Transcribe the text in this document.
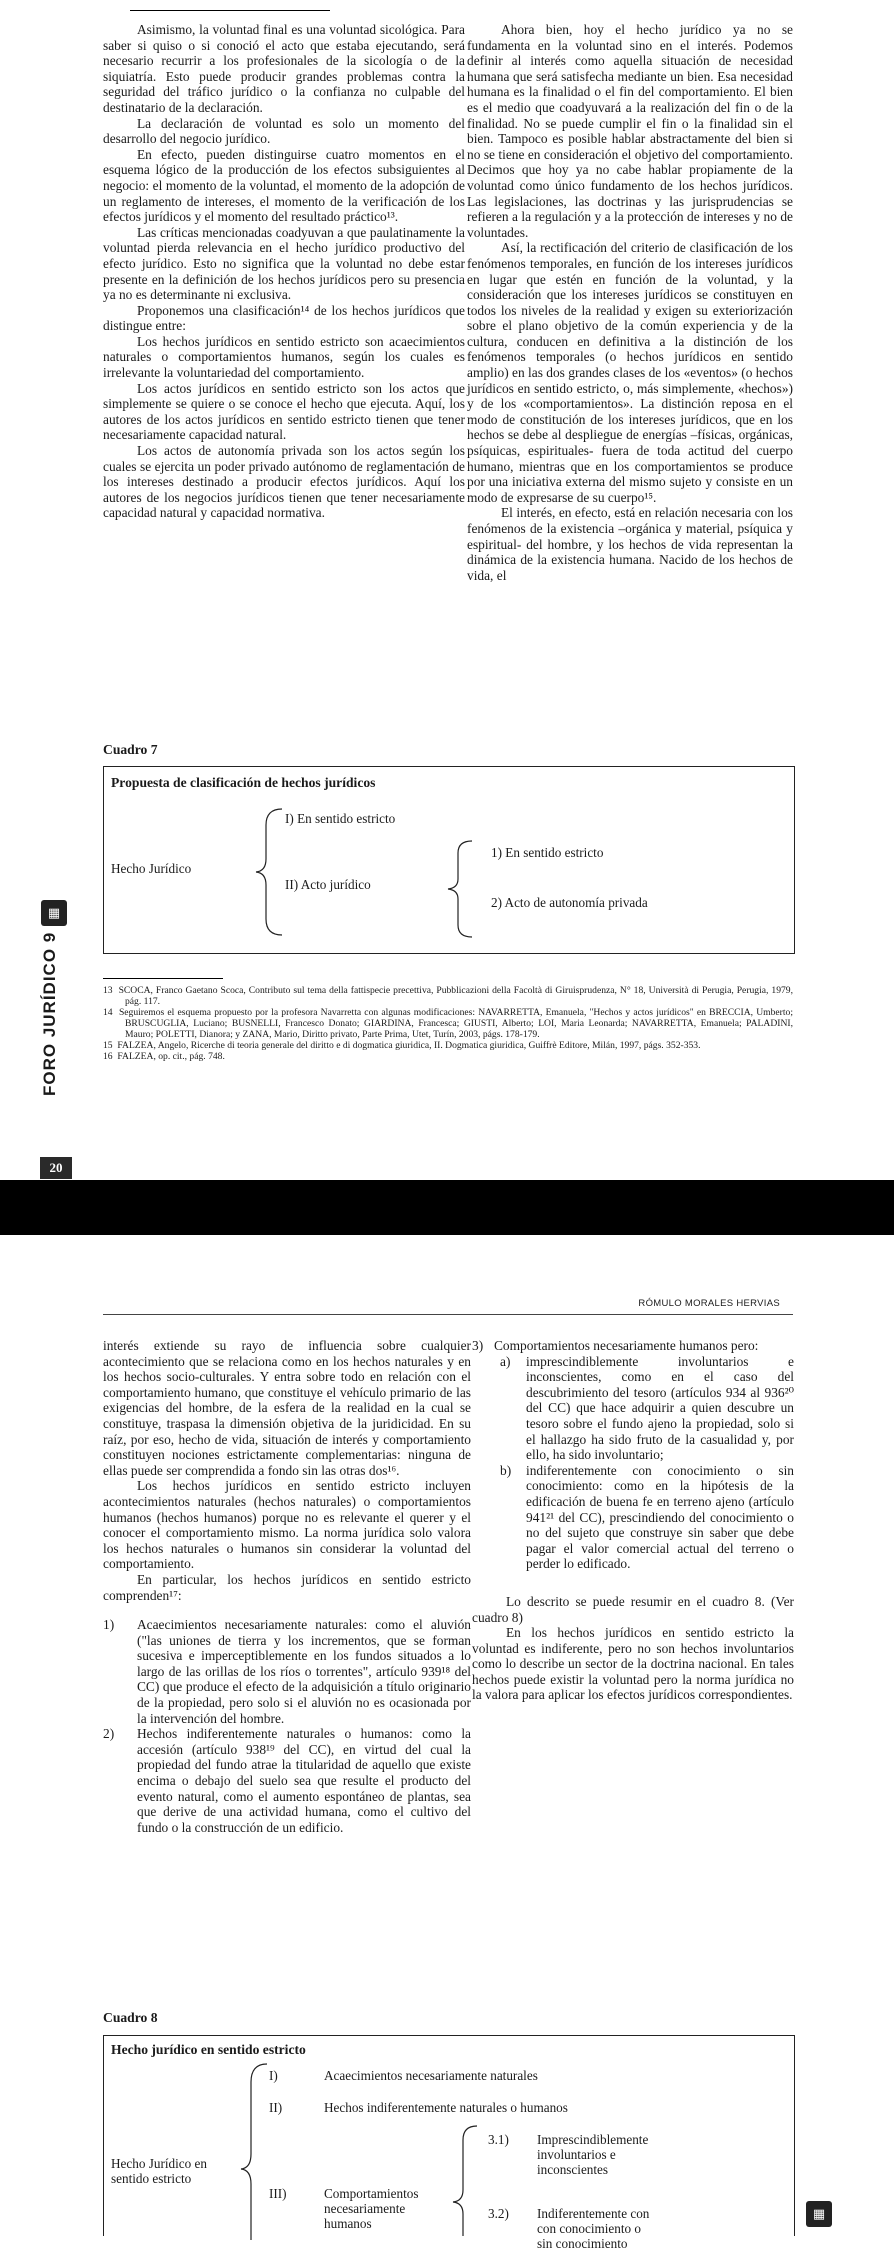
Asimismo, la voluntad final es una voluntad sicológica. Para saber si quiso o si conoció el acto que estaba ejecutando, será necesario recurrir a los profesionales de la sicología o de la siquiatría. Esto puede producir grandes problemas contra la seguridad del tráfico jurídico o la confianza no culpable del destinatario de la declaración.

La declaración de voluntad es solo un momento del desarrollo del negocio jurídico.

En efecto, pueden distinguirse cuatro momentos en el esquema lógico de la producción de los efectos subsiguientes al negocio: el momento de la voluntad, el momento de la adopción de un reglamento de intereses, el momento de la verificación de los efectos jurídicos y el momento del resultado práctico¹³.

Las críticas mencionadas coadyuvan a que paulatinamente la voluntad pierda relevancia en el hecho jurídico productivo del efecto jurídico. Esto no significa que la voluntad no debe estar presente en la definición de los hechos jurídicos pero su presencia ya no es determinante ni exclusiva.

Proponemos una clasificación¹⁴ de los hechos jurídicos que distingue entre:

Los hechos jurídicos en sentido estricto son acaecimientos naturales o comportamientos humanos, según los cuales es irrelevante la voluntariedad del comportamiento.

Los actos jurídicos en sentido estricto son los actos que simplemente se quiere o se conoce el hecho que ejecuta. Aquí, los autores de los actos jurídicos en sentido estricto tienen que tener necesariamente capacidad natural.

Los actos de autonomía privada son los actos según los cuales se ejercita un poder privado autónomo de reglamentación de los intereses destinado a producir efectos jurídicos. Aquí los autores de los negocios jurídicos tienen que tener necesariamente capacidad natural y capacidad normativa.

Ahora bien, hoy el hecho jurídico ya no se fundamenta en la voluntad sino en el interés. Podemos definir al interés como aquella situación de necesidad humana que será satisfecha mediante un bien. Esa necesidad humana es la finalidad o el fin del comportamiento. El bien es el medio que coadyuvará a la realización del fin o de la finalidad. No se puede cumplir el fin o la finalidad sin el bien. Tampoco es posible hablar abstractamente del bien si no se tiene en consideración el objetivo del comportamiento. Decimos que hoy ya no cabe hablar propiamente de la voluntad como único fundamento de los hechos jurídicos. Las legislaciones, las doctrinas y las jurisprudencias se refieren a la regulación y a la protección de intereses y no de voluntades.

Así, la rectificación del criterio de clasificación de los fenómenos temporales, en función de los intereses jurídicos en lugar que estén en función de la voluntad, y la consideración que los intereses jurídicos se constituyen en todos los niveles de la realidad y exigen su exteriorización sobre el plano objetivo de la común experiencia y de la cultura, conducen en definitiva a la distinción de los fenómenos temporales (o hechos jurídicos en sentido amplio) en las dos grandes clases de los «eventos» (o hechos jurídicos en sentido estricto, o, más simplemente, «hechos») y de los «comportamientos». La distinción reposa en el modo de constitución de los intereses jurídicos, que en los hechos se debe al despliegue de energías –físicas, orgánicas, psíquicas, espirituales- fuera de toda actitud del cuerpo humano, mientras que en los comportamientos se produce por una iniciativa externa del mismo sujeto y consiste en un modo de expresarse de su cuerpo¹⁵.

El interés, en efecto, está en relación necesaria con los fenómenos de la existencia –orgánica y material, psíquica y espiritual- del hombre, y los hechos de vida representan la dinámica de la existencia humana. Nacido de los hechos de vida, el

Cuadro 7
Propuesta de clasificación de hechos jurídicos
Hecho Jurídico
I) En sentido estricto
II) Acto jurídico
1) En sentido estricto
2) Acto de autonomía privada
13 SCOCA, Franco Gaetano Scoca, Contributo sul tema della fattispecie precettiva, Pubblicazioni della Facoltà di Giruisprudenza, N° 18, Università di Perugia, Perugia, 1979, pág. 117.
14 Seguiremos el esquema propuesto por la profesora Navarretta con algunas modificaciones: NAVARRETTA, Emanuela, "Hechos y actos jurídicos" en BRECCIA, Umberto; BRUSCUGLIA, Luciano; BUSNELLI, Francesco Donato; GIARDINA, Francesca; GIUSTI, Alberto; LOI, Maria Leonarda; NAVARRETTA, Emanuela; PALADINI, Mauro; POLETTI, Dianora; y ZANA, Mario, Diritto privato, Parte Prima, Utet, Turín, 2003, págs. 178-179.
15 FALZEA, Angelo, Ricerche di teoria generale del diritto e di dogmatica giuridica, II. Dogmatica giuridica, Guiffrè Editore, Milán, 1997, págs. 352-353.
16 FALZEA, op. cit., pág. 748.
▦
FORO JURÍDICO 9
20
RÓMULO MORALES HERVIAS

interés extiende su rayo de influencia sobre cualquier acontecimiento que se relaciona como en los hechos naturales y en los hechos socio-culturales. Y entra sobre todo en relación con el comportamiento humano, que constituye el vehículo primario de las exigencias del hombre, de la esfera de la realidad en la cual se constituye, traspasa la dimensión objetiva de la juridicidad. En su raíz, por eso, hecho de vida, situación de interés y comportamiento constituyen nociones estrictamente complementarias: ninguna de ellas puede ser comprendida a fondo sin las otras dos¹⁶.

Los hechos jurídicos en sentido estricto incluyen acontecimientos naturales (hechos naturales) o comportamientos humanos (hechos humanos) porque no es relevante el querer y el conocer el comportamiento mismo. La norma jurídica solo valora los hechos naturales o humanos sin considerar la voluntad del comportamiento.

En particular, los hechos jurídicos en sentido estricto comprenden¹⁷:

1) Acaecimientos necesariamente naturales: como el aluvión ("las uniones de tierra y los incrementos, que se forman sucesiva e imperceptiblemente en los fundos situados a lo largo de las orillas de los ríos o torrentes", artículo 939¹⁸ del CC) que produce el efecto de la adquisición a título originario de la propiedad, pero solo si el aluvión no es ocasionada por la intervención del hombre.
2) Hechos indiferentemente naturales o humanos: como la accesión (artículo 938¹⁹ del CC), en virtud del cual la propiedad del fundo atrae la titularidad de aquello que existe encima o debajo del suelo sea que resulte el producto del evento natural, como el aumento espontáneo de plantas, sea que derive de una actividad humana, como el cultivo del fundo o la construcción de un edificio.
3) Comportamientos necesariamente humanos pero:
a) imprescindiblemente involuntarios e inconscientes, como en el caso del descubrimiento del tesoro (artículos 934 al 936²⁰ del CC) que hace adquirir a quien descubre un tesoro sobre el fundo ajeno la propiedad, solo si el hallazgo ha sido fruto de la casualidad y, por ello, ha sido involuntario;
b) indiferentemente con conocimiento o sin conocimiento: como en la hipótesis de la edificación de buena fe en terreno ajeno (artículo 941²¹ del CC), prescindiendo del conocimiento o no del sujeto que construye sin saber que debe pagar el valor comercial actual del terreno o perder lo edificado.

Lo descrito se puede resumir en el cuadro 8. (Ver cuadro 8)

En los hechos jurídicos en sentido estricto la voluntad es indiferente, pero no son hechos involuntarios como lo describe un sector de la doctrina nacional. En tales hechos puede existir la voluntad pero la norma jurídica no la valora para aplicar los efectos jurídicos correspondientes.

Cuadro 8
Hecho jurídico en sentido estricto
Hecho Jurídico en sentido estricto
I)	Acaecimientos necesariamente naturales
II)	Hechos indiferentemente naturales o humanos
III)	Comportamientos necesariamente humanos
3.1) Imprescindiblemente involuntarios e inconscientes
3.2) Indiferentemente con con conocimiento o sin conocimiento
▦
